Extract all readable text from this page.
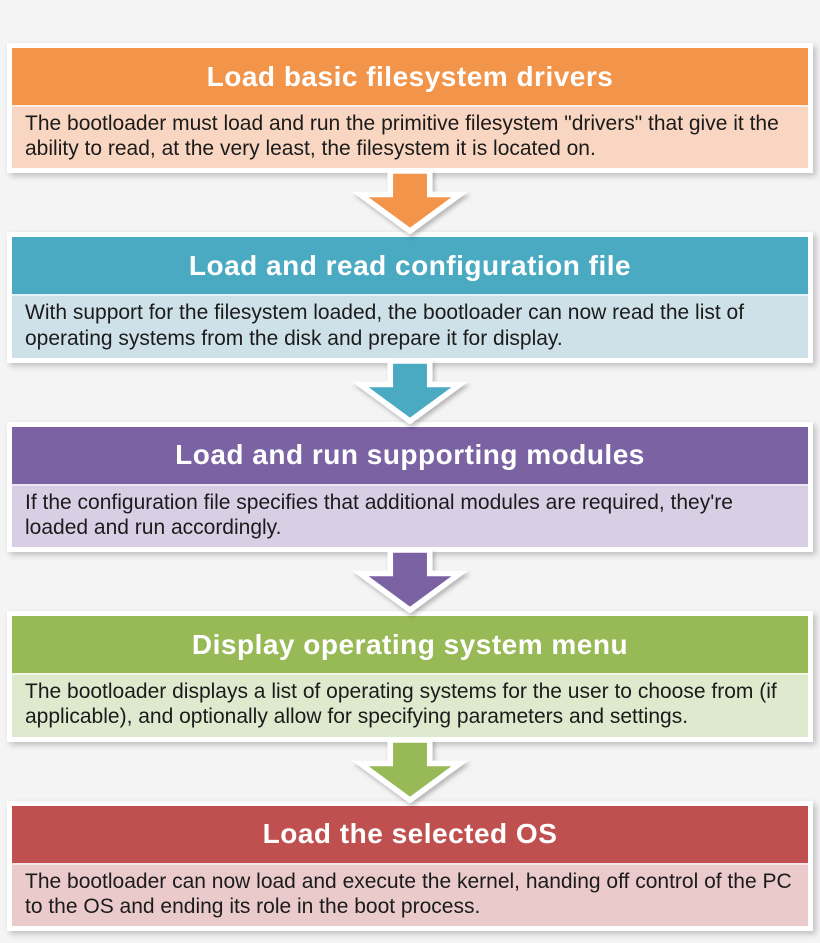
Load basic filesystem drivers
The bootloader must load and run the primitive filesystem "drivers" that give it the ability to read, at the very least, the filesystem it is located on.
Load and read configuration file
With support for the filesystem loaded, the bootloader can now read the list of operating systems from the disk and prepare it for display.
Load and run supporting modules
If the configuration file specifies that additional modules are required, they're loaded and run accordingly.
Display operating system menu
The bootloader displays a list of operating systems for the user to choose from (if applicable), and optionally allow for specifying parameters and settings.
Load the selected OS
The bootloader can now load and execute the kernel, handing off control of the PC to the OS and ending its role in the boot process.
